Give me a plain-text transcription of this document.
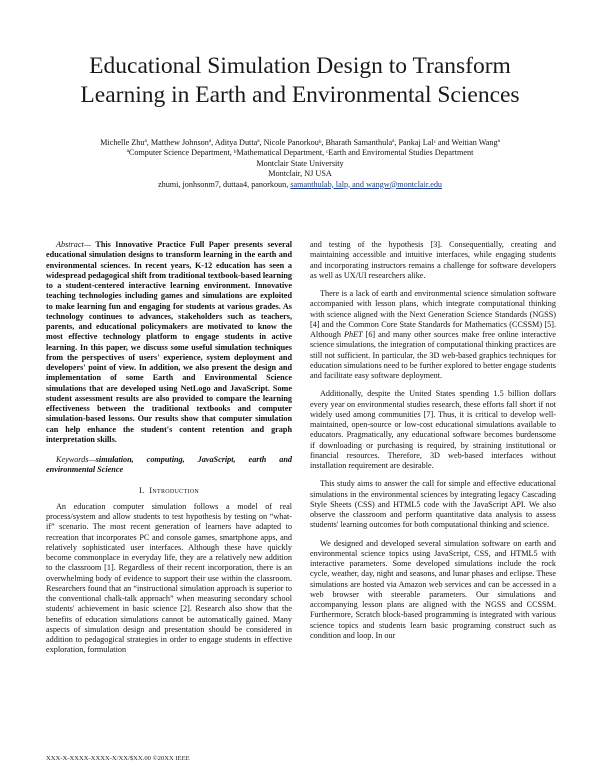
Educational Simulation Design to Transform
Learning in Earth and Environmental Sciences
Michelle Zhuª, Matthew Johnsonª, Aditya Duttaª, Nicole Panorkouᵇ, Bharath Samanthulaª, Pankaj Lalᶜ and Weitian Wangª
ªComputer Science Department, ᵇMathematical Department, ᶜEarth and Enviromental Studies Department
Montclair State University
Montclair, NJ USA
zhumi, jonhsonm7, duttaa4, panorkoun, samanthulab, lalp, and wangw@montclair.edu

Abstract— This Innovative Practice Full Paper presents several educational simulation designs to transform learning in the earth and environmental sciences. In recent years, K-12 education has seen a widespread pedagogical shift from traditional textbook-based learning to a student-centered interactive learning environment. Innovative teaching technologies including games and simulations are exploited to make learning fun and engaging for students at various grades. As technology continues to advances, stakeholders such as teachers, parents, and educational policymakers are motivated to know the most effective technology platform to engage students in active learning. In this paper, we discuss some useful simulation techniques from the perspectives of users' experience, system deployment and developers' point of view. In addition, we also present the design and implementation of some Earth and Environmental Science simulations that are developed using NetLogo and JavaScript. Some student assessment results are also provided to compare the learning effectiveness between the traditional textbooks and computer simulation-based lessons. Our results show that computer simulation can help enhance the student's content retention and graph interpretation skills.

Keywords—simulation, computing, JavaScript, earth and environmental Science

I. Introduction

An education computer simulation follows a model of real process/system and allow students to test hypothesis by testing on “what-if” scenario. The most recent generation of learners have adapted to recreation that incorporates PC and console games, smartphone apps, and relatively sophisticated user interfaces. Although these have quickly become commonplace in everyday life, they are a relatively new addition to the classroom [1]. Regardless of their recent incorporation, there is an overwhelming body of evidence to support their use within the classroom. Researchers found that an “instructional simulation approach is superior to the conventional chalk-talk approach” when measuring secondary school students' achievement in basic science [2]. Research also show that the benefits of education simulations cannot be automatically gained. Many aspects of simulation design and presentation should be considered in addition to pedagogical strategies in order to engage students in effective exploration, formulation

and testing of the hypothesis [3]. Consequentially, creating and maintaining accessible and intuitive interfaces, while engaging students and incorporating instructors remains a challenge for software developers as well as UX/UI researchers alike.

There is a lack of earth and environmental science simulation software accompanied with lesson plans, which integrate computational thinking with science aligned with the Next Generation Science Standards (NGSS)[4] and the Common Core State Standards for Mathematics (CCSSM) [5]. Although PhET [6] and many other sources make free online interactive science simulations, the integration of computational thinking practices are still not sufficient. In particular, the 3D web-based graphics techniques for education simulations need to be further explored to better engage students and facilitate easy software deployment.

Additionally, despite the United States spending 1.5 billion dollars every year on environmental studies research, these efforts fall short if not widely used among communities [7]. Thus, it is critical to develop well-maintained, open-source or low-cost educational simulations available to educators. Pragmatically, any educational software becomes burdensome if downloading or purchasing is required, by straining institutional or financial resources. Therefore, 3D web-based interfaces without installation requirement are desirable.

This study aims to answer the call for simple and effective educational simulations in the environmental sciences by integrating legacy Cascading Style Sheets (CSS) and HTML5 code with the JavaScript API. We also observe the classroom and perform quantitative data analysis to assess students' learning outcomes for both computational thinking and science.

We designed and developed several simulation software on earth and environmental science topics using JavaScript, CSS, and HTML5 with interactive parameters. Some developed simulations include the rock cycle, weather, day, night and seasons, and lunar phases and eclipse. These simulations are hosted via Amazon web services and can be accessed in a web browser with steerable parameters. Our simulations and accompanying lesson plans are aligned with the NGSS and CCSSM. Furthermore, Scratch block-based programming is integrated with various science topics and students learn basic programing construct such as condition and loop. In our

XXX-X-XXXX-XXXX-X/XX/$XX.00 ©20XX IEEE
